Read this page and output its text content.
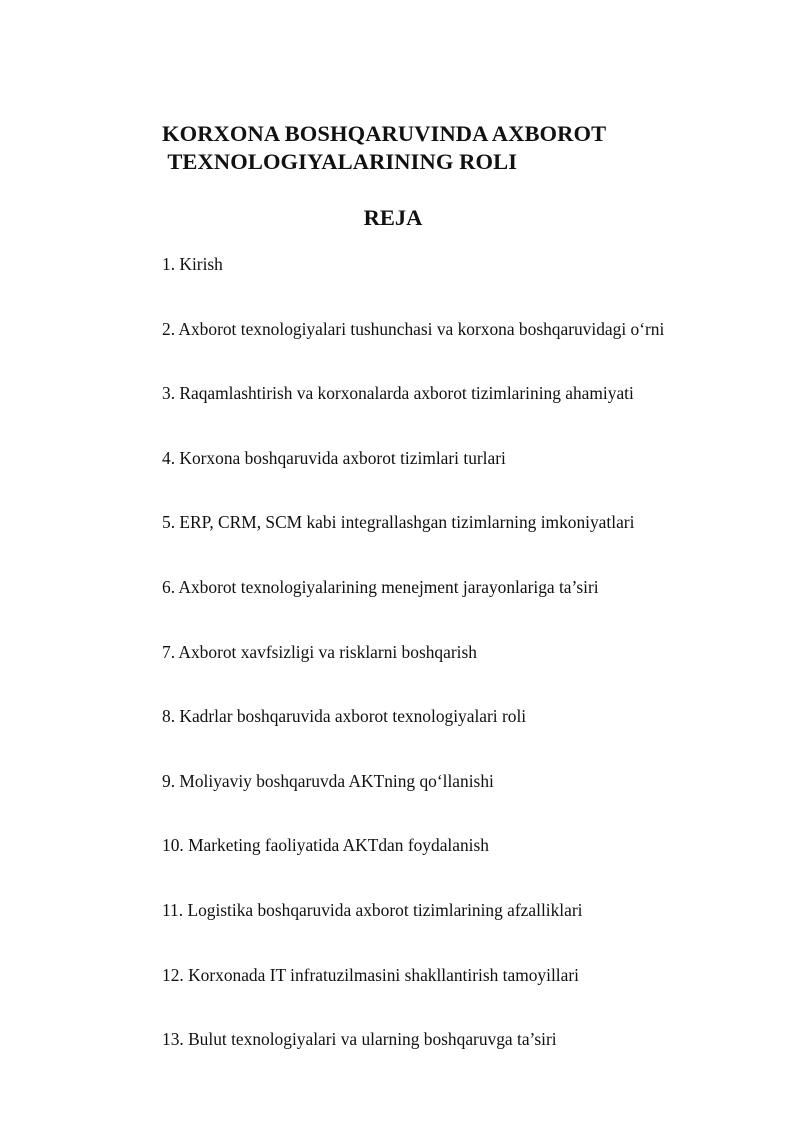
KORXONA BOSHQARUVINDA AXBOROT
TEXNOLOGIYALARINING ROLI
REJA
1. Kirish
2. Axborot texnologiyalari tushunchasi va korxona boshqaruvidagi o‘rni
3. Raqamlashtirish va korxonalarda axborot tizimlarining ahamiyati
4. Korxona boshqaruvida axborot tizimlari turlari
5. ERP, CRM, SCM kabi integrallashgan tizimlarning imkoniyatlari
6. Axborot texnologiyalarining menejment jarayonlariga ta’siri
7. Axborot xavfsizligi va risklarni boshqarish
8. Kadrlar boshqaruvida axborot texnologiyalari roli
9. Moliyaviy boshqaruvda AKTning qo‘llanishi
10. Marketing faoliyatida AKTdan foydalanish
11. Logistika boshqaruvida axborot tizimlarining afzalliklari
12. Korxonada IT infratuzilmasini shakllantirish tamoyillari
13. Bulut texnologiyalari va ularning boshqaruvga ta’siri
